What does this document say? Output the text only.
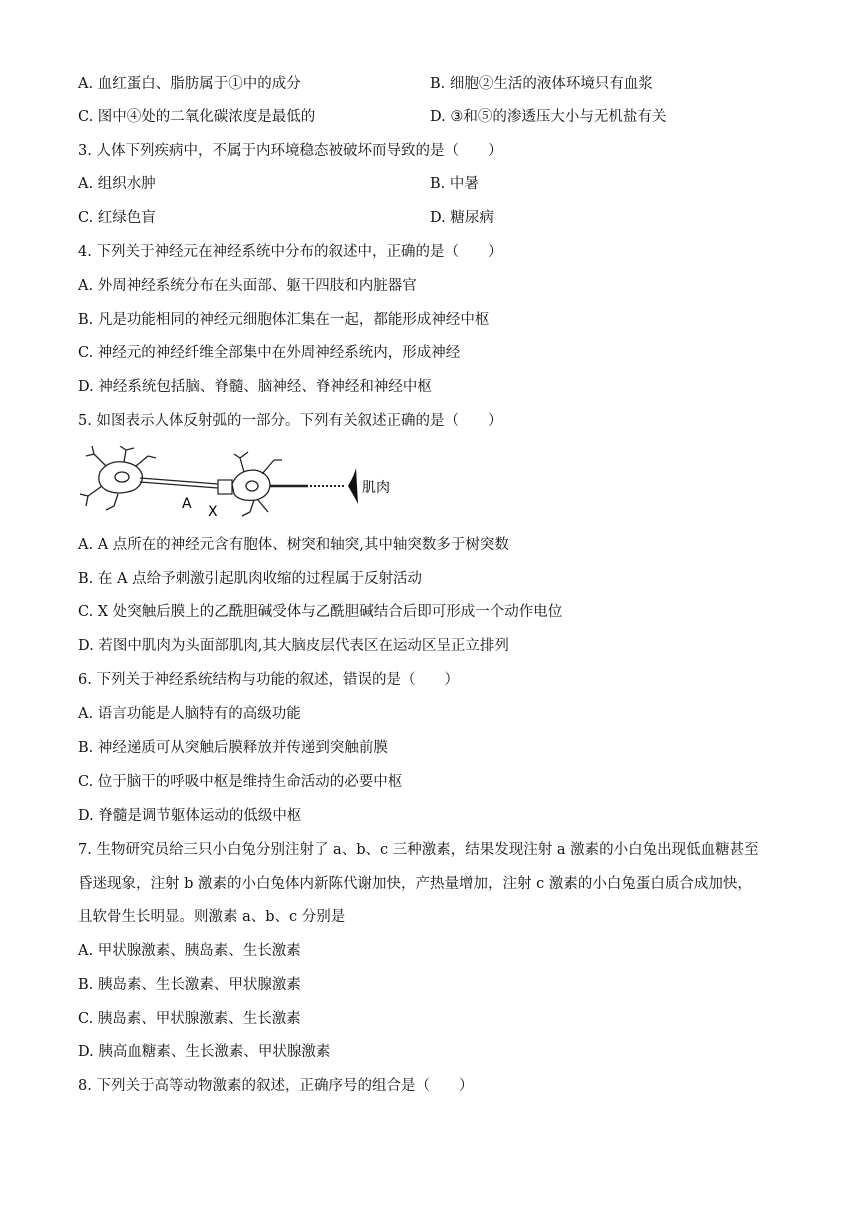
A. 血红蛋白、脂肪属于①中的成分	B. 细胞②生活的液体环境只有血浆
C. 图中④处的二氧化碳浓度是最低的	D. ③和⑤的渗透压大小与无机盐有关
3. 人体下列疾病中，不属于内环境稳态被破坏而导致的是（　　）
A. 组织水肿	B. 中暑
C. 红绿色盲	D. 糖尿病
4. 下列关于神经元在神经系统中分布的叙述中，正确的是（　　）
A. 外周神经系统分布在头面部、躯干四肢和内脏器官
B. 凡是功能相同的神经元细胞体汇集在一起，都能形成神经中枢
C. 神经元的神经纤维全部集中在外周神经系统内，形成神经
D. 神经系统包括脑、脊髓、脑神经、脊神经和神经中枢
5. 如图表示人体反射弧的一部分。下列有关叙述正确的是（　　）
A X
肌肉
A. A 点所在的神经元含有胞体、树突和轴突,其中轴突数多于树突数
B. 在 A 点给予刺激引起肌肉收缩的过程属于反射活动
C. X 处突触后膜上的乙酰胆碱受体与乙酰胆碱结合后即可形成一个动作电位
D. 若图中肌肉为头面部肌肉,其大脑皮层代表区在运动区呈正立排列
6. 下列关于神经系统结构与功能的叙述，错误的是（　　）
A. 语言功能是人脑特有的高级功能
B. 神经递质可从突触后膜释放并传递到突触前膜
C. 位于脑干的呼吸中枢是维持生命活动的必要中枢
D. 脊髓是调节躯体运动的低级中枢
7. 生物研究员给三只小白兔分别注射了 a、b、c 三种激素，结果发现注射 a 激素的小白兔出现低血糖甚至
昏迷现象，注射 b 激素的小白兔体内新陈代谢加快，产热量增加，注射 c 激素的小白兔蛋白质合成加快，
且软骨生长明显。则激素 a、b、c 分别是
A. 甲状腺激素、胰岛素、生长激素
B. 胰岛素、生长激素、甲状腺激素
C. 胰岛素、甲状腺激素、生长激素
D. 胰高血糖素、生长激素、甲状腺激素
8. 下列关于高等动物激素的叙述，正确序号的组合是（　　）
